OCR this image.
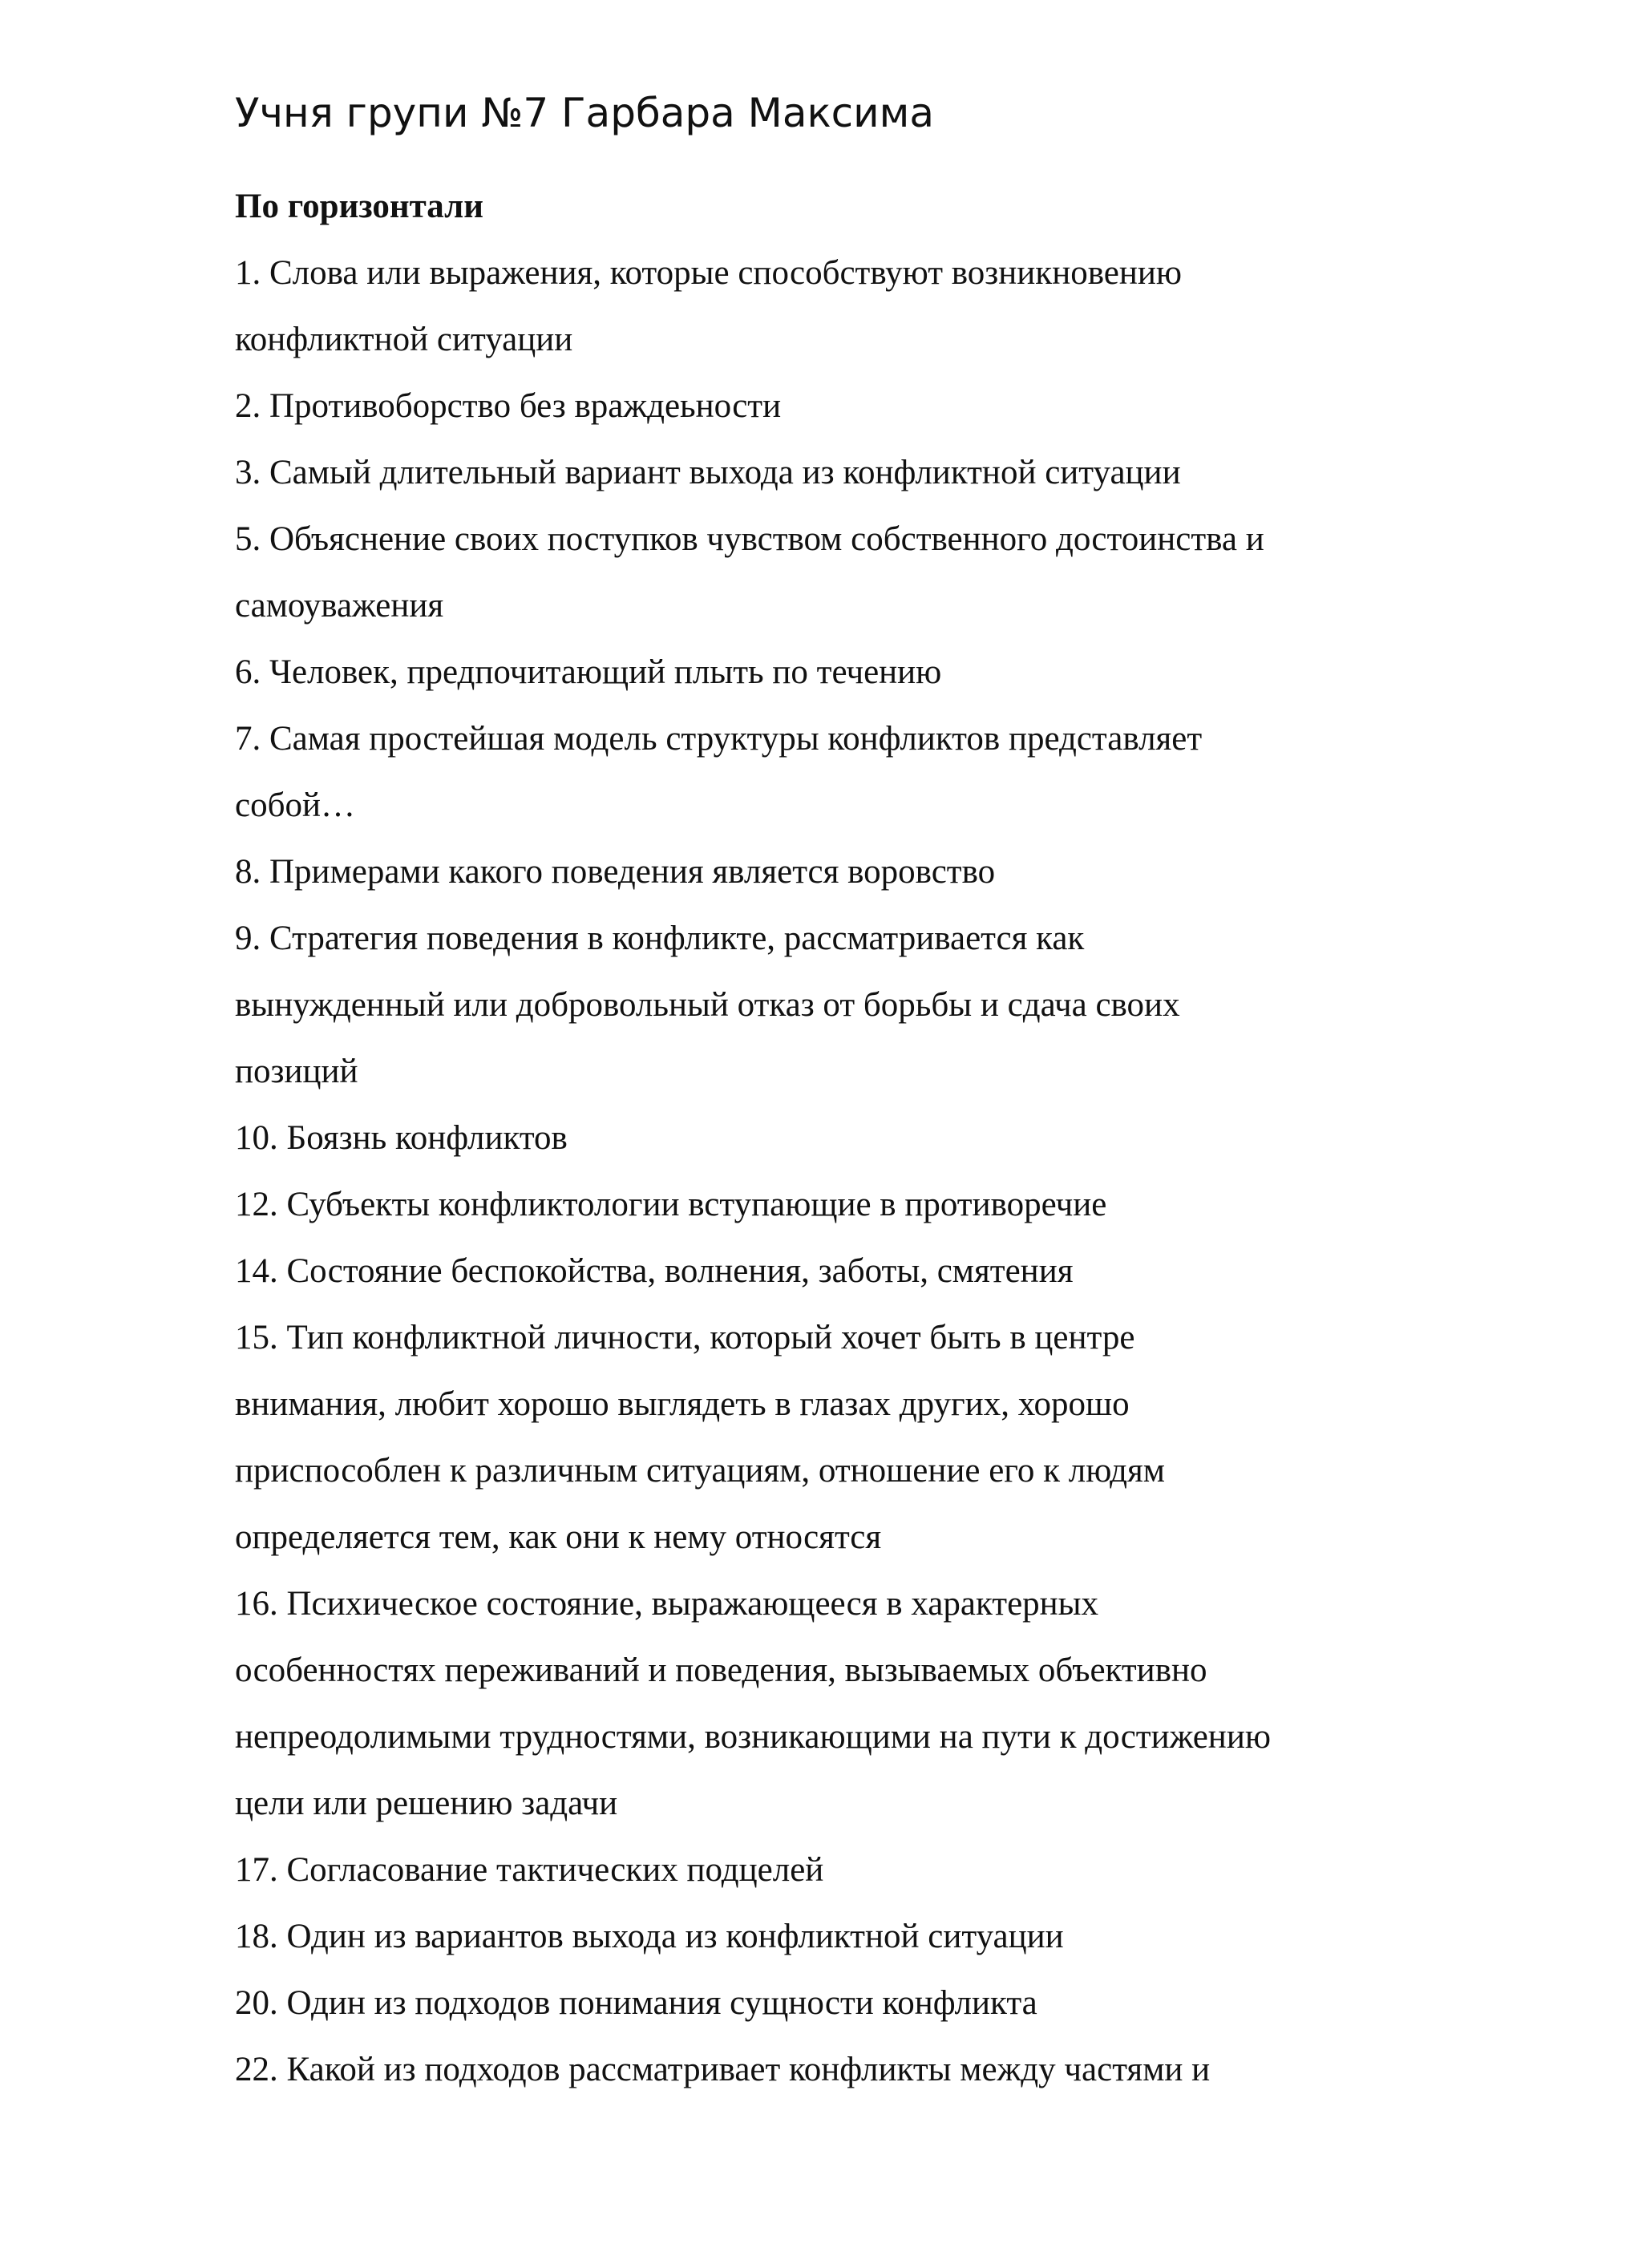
Учня групи №7 Гарбара Максима
По горизонтали
1. Слова или выражения, которые способствуют возникновению
конфликтной ситуации
2. Противоборство без враждеьности
3. Самый длительный вариант выхода из конфликтной ситуации
5. Объяснение своих поступков чувством собственного достоинства и
самоуважения
6. Человек, предпочитающий плыть по течению
7. Самая простейшая модель структуры конфликтов представляет
собой…
8. Примерами какого поведения является воровство
9. Стратегия поведения в конфликте, рассматривается как
вынужденный или добровольный отказ от борьбы и сдача своих
позиций
10. Боязнь конфликтов
12. Субъекты конфликтологии вступающие в противоречие
14. Состояние беспокойства, волнения, заботы, смятения
15. Тип конфликтной личности, который хочет быть в центре
внимания, любит хорошо выглядеть в глазах других, хорошо
приспособлен к различным ситуациям, отношение его к людям
определяется тем, как они к нему относятся
16. Психическое состояние, выражающееся в характерных
особенностях переживаний и поведения, вызываемых объективно
непреодолимыми трудностями, возникающими на пути к достижению
цели или решению задачи
17. Согласование тактических подцелей
18. Один из вариантов выхода из конфликтной ситуации
20. Один из подходов понимания сущности конфликта
22. Какой из подходов рассматривает конфликты между частями и
